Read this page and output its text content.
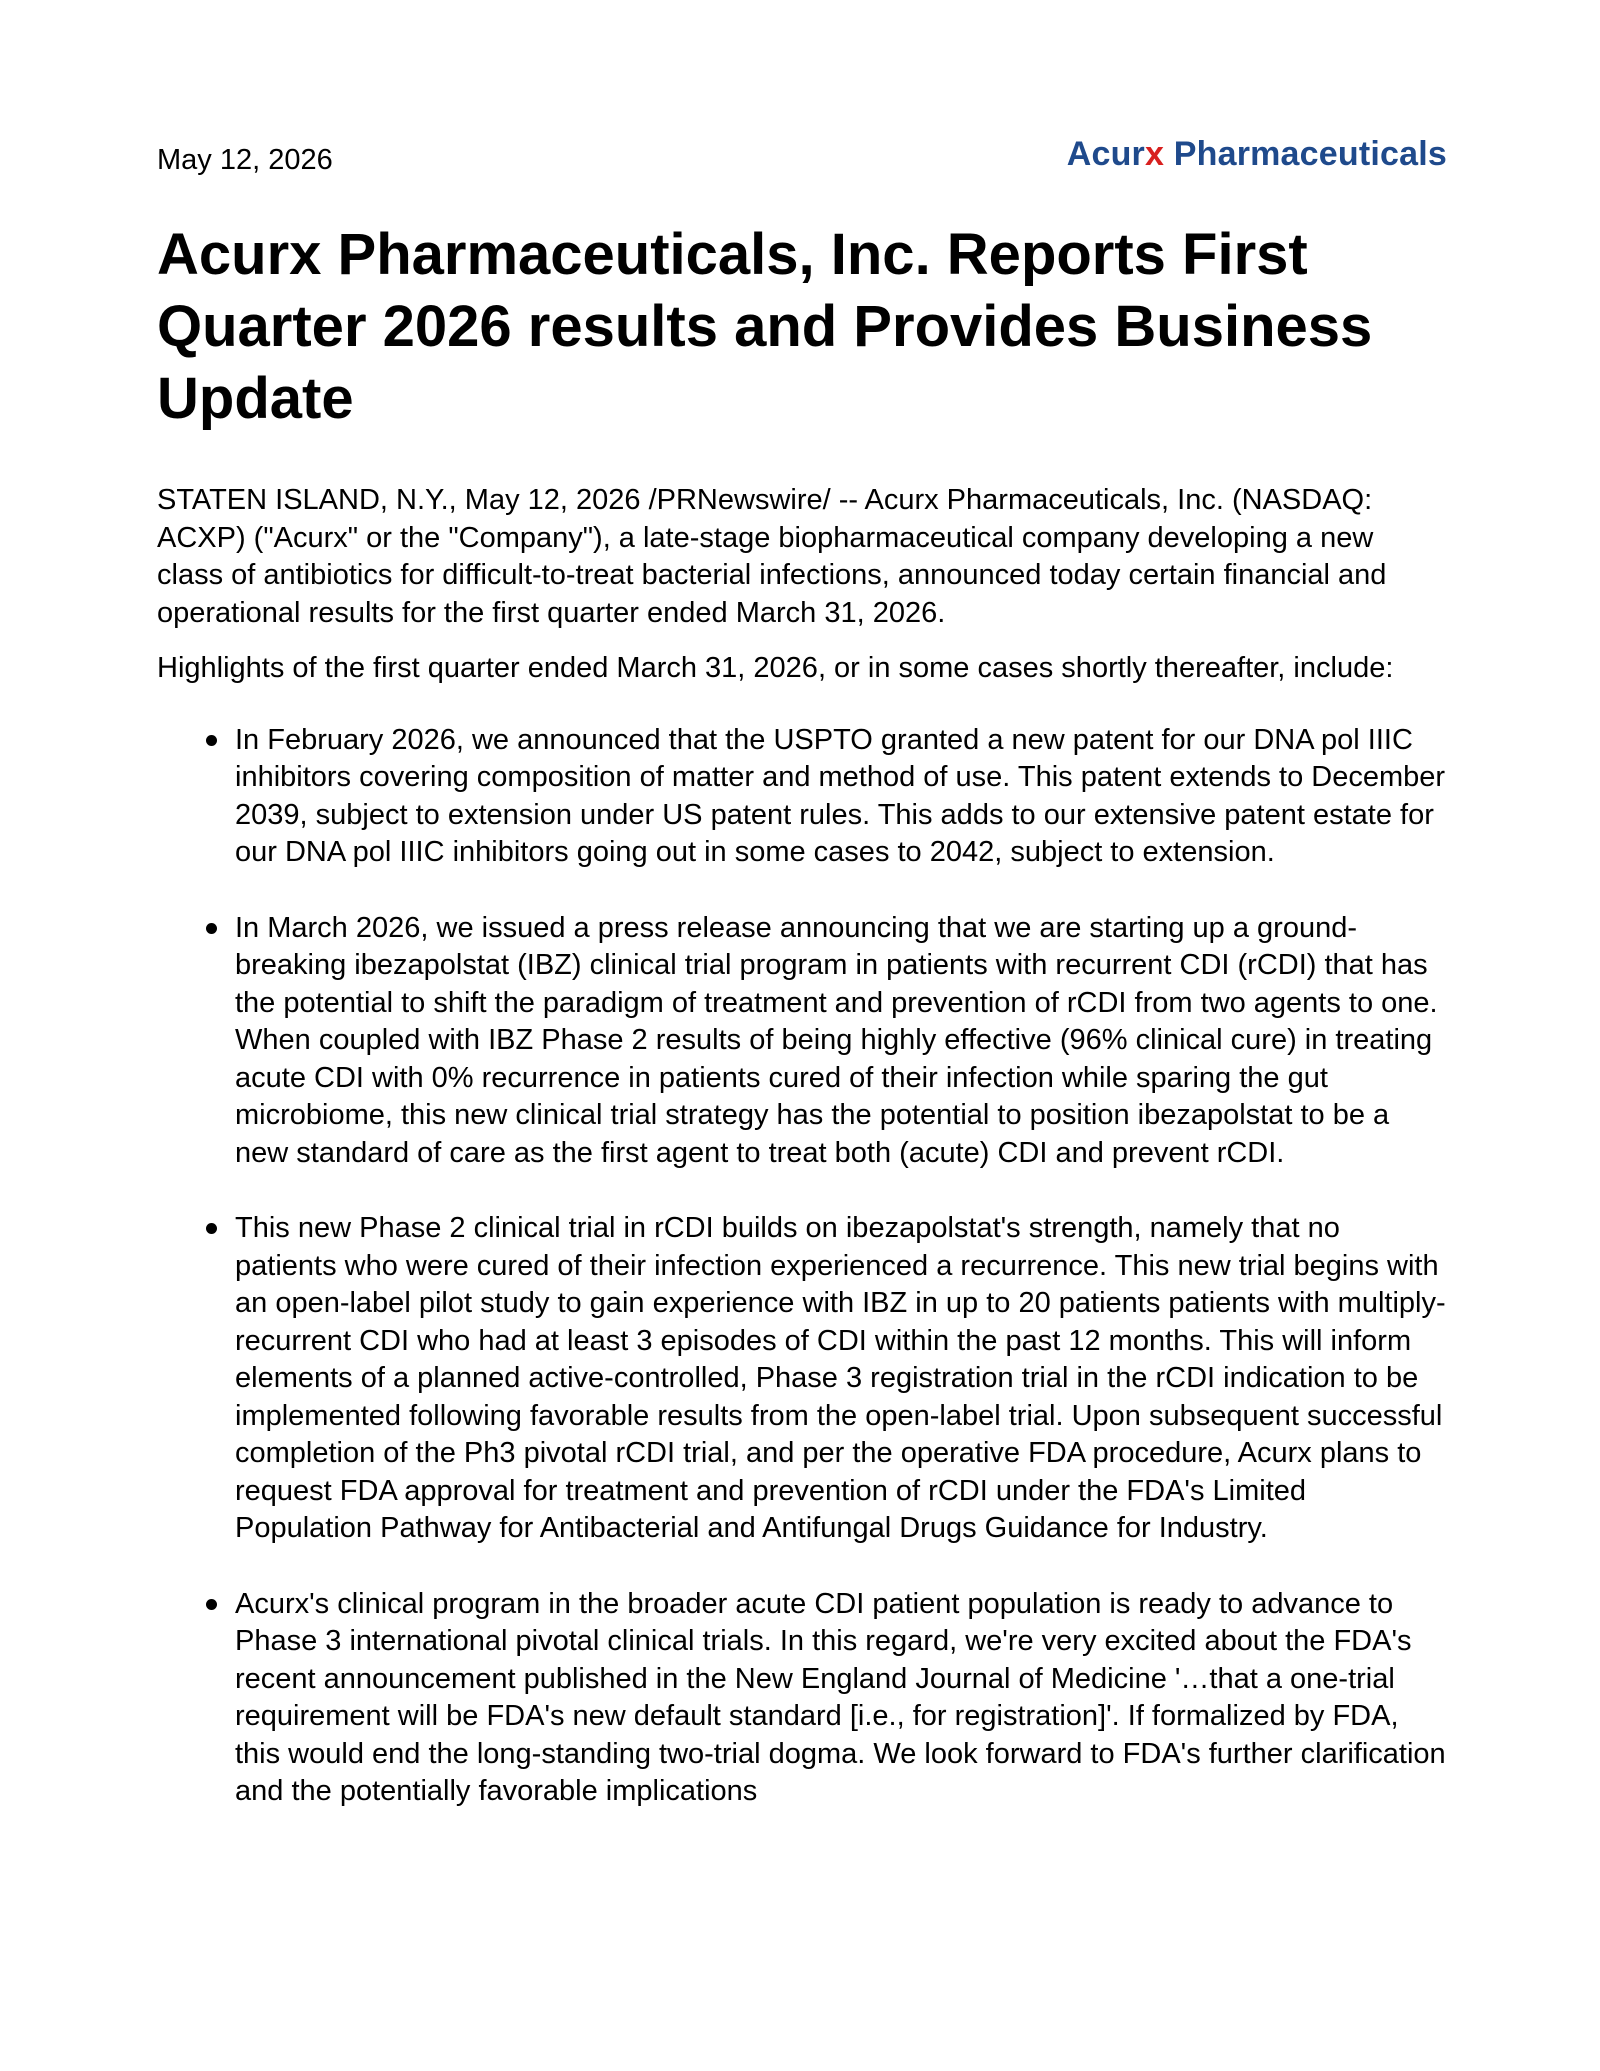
May 12, 2026	Acurx Pharmaceuticals
Acurx Pharmaceuticals, Inc. Reports First Quarter 2026 results and Provides Business Update

STATEN ISLAND, N.Y., May 12, 2026 /PRNewswire/ -- Acurx Pharmaceuticals, Inc. (NASDAQ: ACXP) ("Acurx" or the "Company"), a late-stage biopharmaceutical company developing a new class of antibiotics for difficult-to-treat bacterial infections, announced today certain financial and operational results for the first quarter ended March 31, 2026.

Highlights of the first quarter ended March 31, 2026, or in some cases shortly thereafter, include:

In February 2026, we announced that the USPTO granted a new patent for our DNA pol IIIC inhibitors covering composition of matter and method of use. This patent extends to December 2039, subject to extension under US patent rules. This adds to our extensive patent estate for our DNA pol IIIC inhibitors going out in some cases to 2042, subject to extension.
In March 2026, we issued a press release announcing that we are starting up a ground-breaking ibezapolstat (IBZ) clinical trial program in patients with recurrent CDI (rCDI) that has the potential to shift the paradigm of treatment and prevention of rCDI from two agents to one. When coupled with IBZ Phase 2 results of being highly effective (96% clinical cure) in treating acute CDI with 0% recurrence in patients cured of their infection while sparing the gut microbiome, this new clinical trial strategy has the potential to position ibezapolstat to be a new standard of care as the first agent to treat both (acute) CDI and prevent rCDI.
This new Phase 2 clinical trial in rCDI builds on ibezapolstat's strength, namely that no patients who were cured of their infection experienced a recurrence. This new trial begins with an open-label pilot study to gain experience with IBZ in up to 20 patients patients with multiply-recurrent CDI who had at least 3 episodes of CDI within the past 12 months. This will inform elements of a planned active-controlled, Phase 3 registration trial in the rCDI indication to be implemented following favorable results from the open-label trial. Upon subsequent successful completion of the Ph3 pivotal rCDI trial, and per the operative FDA procedure, Acurx plans to request FDA approval for treatment and prevention of rCDI under the FDA's Limited Population Pathway for Antibacterial and Antifungal Drugs Guidance for Industry.
Acurx's clinical program in the broader acute CDI patient population is ready to advance to Phase 3 international pivotal clinical trials. In this regard, we're very excited about the FDA's recent announcement published in the New England Journal of Medicine '…that a one-trial requirement will be FDA's new default standard [i.e., for registration]'. If formalized by FDA, this would end the long-standing two-trial dogma. We look forward to FDA's further clarification and the potentially favorable implications
